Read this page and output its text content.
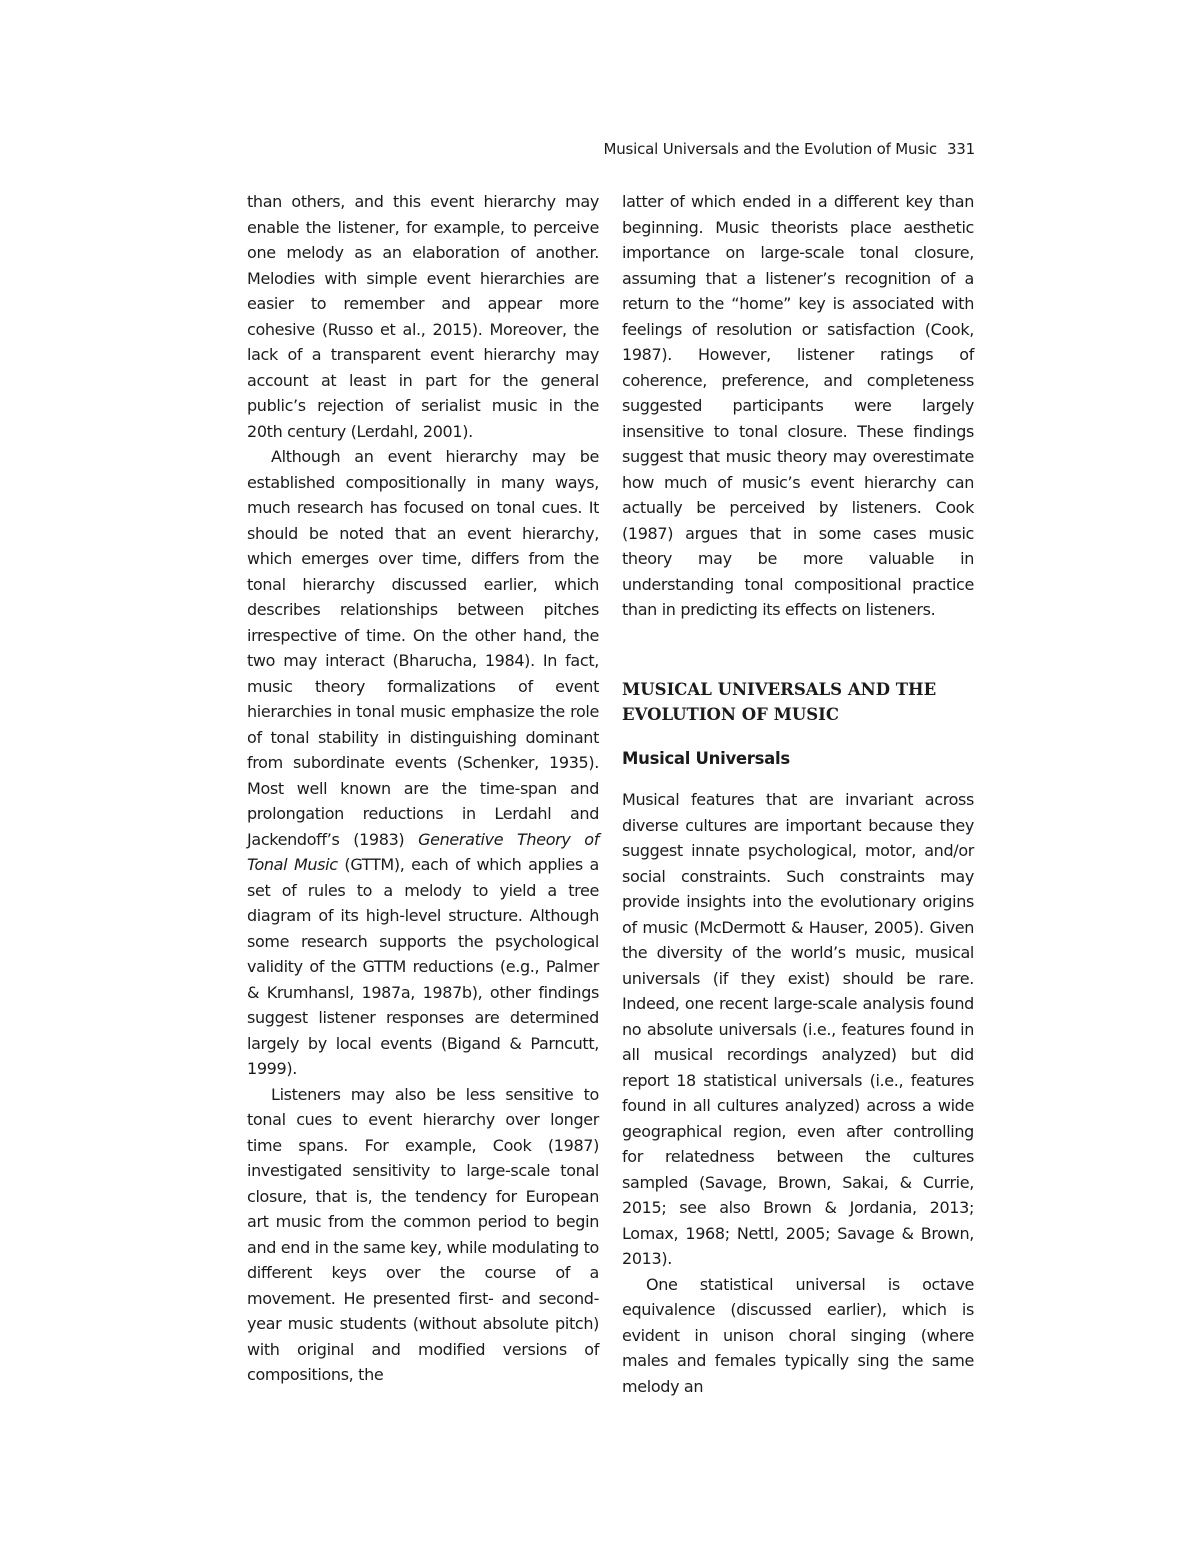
Musical Universals and the Evolution of Music 331

than others, and this event hierarchy may enable the listener, for example, to perceive one melody as an elaboration of another. Melodies with simple event hierarchies are easier to remember and appear more cohesive (Russo et al., 2015). Moreover, the lack of a transparent event hierarchy may account at least in part for the general public’s rejection of serialist music in the 20th century (Lerdahl, 2001).

Although an event hierarchy may be established compositionally in many ways, much research has focused on tonal cues. It should be noted that an event hierarchy, which emerges over time, differs from the tonal hierarchy discussed earlier, which describes relationships between pitches irrespective of time. On the other hand, the two may interact (Bharucha, 1984). In fact, music theory formalizations of event hierarchies in tonal music emphasize the role of tonal stability in distinguishing dominant from subordinate events (Schenker, 1935). Most well known are the time-span and prolongation reductions in Lerdahl and Jackendoff’s (1983) Generative Theory of Tonal Music (GTTM), each of which applies a set of rules to a melody to yield a tree diagram of its high-level structure. Although some research supports the psychological validity of the GTTM reductions (e.g., Palmer & Krumhansl, 1987a, 1987b), other findings suggest listener responses are determined largely by local events (Bigand & Parncutt, 1999).

Listeners may also be less sensitive to tonal cues to event hierarchy over longer time spans. For example, Cook (1987) investigated sensitivity to large-scale tonal closure, that is, the tendency for European art music from the common period to begin and end in the same key, while modulating to different keys over the course of a movement. He presented first- and second-year music students (without absolute pitch) with original and modified versions of compositions, the

latter of which ended in a different key than beginning. Music theorists place aesthetic importance on large-scale tonal closure, assuming that a listener’s recognition of a return to the “home” key is associated with feelings of resolution or satisfaction (Cook, 1987). However, listener ratings of coherence, preference, and completeness suggested participants were largely insensitive to tonal closure. These findings suggest that music theory may overestimate how much of music’s event hierarchy can actually be perceived by listeners. Cook (1987) argues that in some cases music theory may be more valuable in understanding tonal compositional practice than in predicting its effects on listeners.

MUSICAL UNIVERSALS AND THE EVOLUTION OF MUSIC
Musical Universals

Musical features that are invariant across diverse cultures are important because they suggest innate psychological, motor, and/or social constraints. Such constraints may provide insights into the evolutionary origins of music (McDermott & Hauser, 2005). Given the diversity of the world’s music, musical universals (if they exist) should be rare. Indeed, one recent large-scale analysis found no absolute universals (i.e., features found in all musical recordings analyzed) but did report 18 statistical universals (i.e., features found in all cultures analyzed) across a wide geographical region, even after controlling for relatedness between the cultures sampled (Savage, Brown, Sakai, & Currie, 2015; see also Brown & Jordania, 2013; Lomax, 1968; Nettl, 2005; Savage & Brown, 2013).

One statistical universal is octave equivalence (discussed earlier), which is evident in unison choral singing (where males and females typically sing the same melody an
